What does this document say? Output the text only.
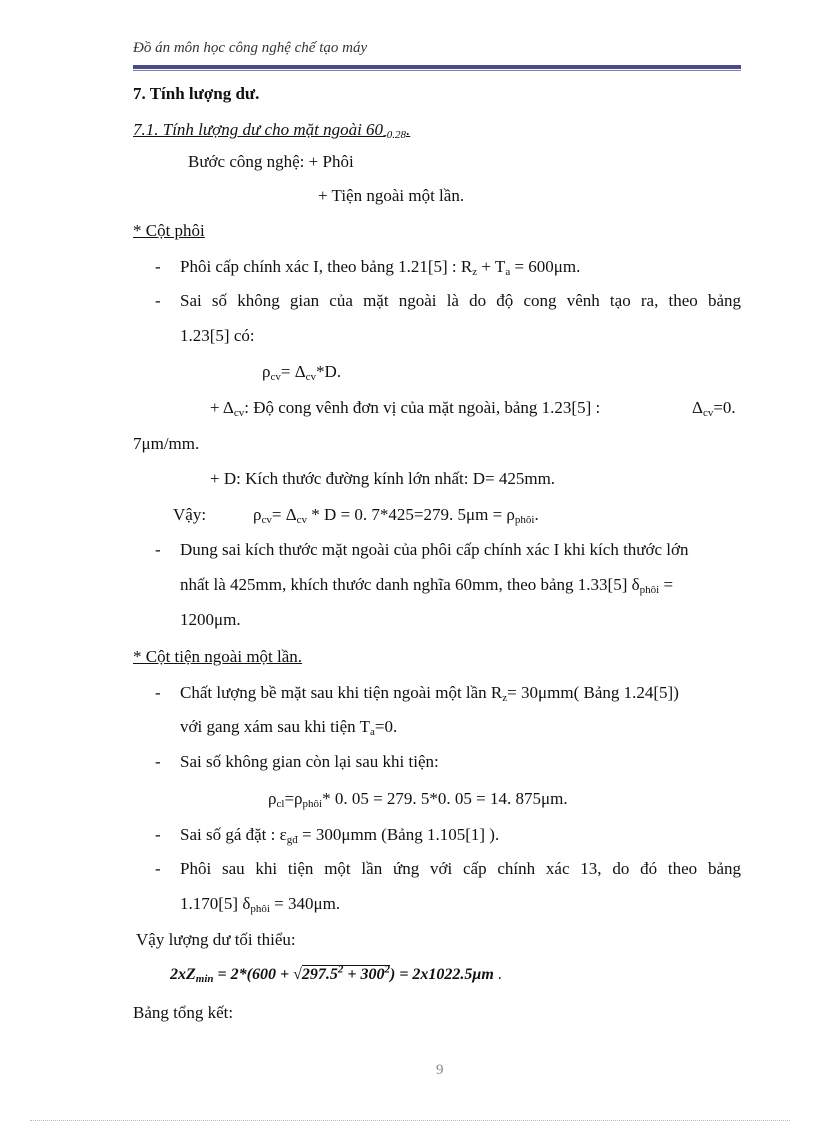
Đồ án môn học công nghệ chế tạo máy
7. Tính lượng dư.
7.1. Tính lượng dư cho mặt ngoài $60_{-0.28}$.
Bước công nghệ: + Phôi
+ Tiện ngoài một lần.
* Cột phôi
- Phôi cấp chính xác I, theo bảng 1.21[5] : $R_z + T_a = 600\mu m$.
- Sai số không gian của mặt ngoài là do độ cong vênh tạo ra, theo bảng
1.23[5] có:
$\rho_{cv}= \Delta_{cv}*D$.
+ $\Delta_{cv}$: Độ cong vênh đơn vị của mặt ngoài, bảng 1.23[5] :	$\Delta_{cv}=0$.
7μm/mm.
+ D: Kích thước đường kính lớn nhất: D= 425mm.
Vậy:	$\rho_{cv}= \Delta_{cv} * D = 0$. 7*425=279. $5\mu m = \rho_{phôi}$.
- Dung sai kích thước mặt ngoài của phôi cấp chính xác I khi kích thước lớn
nhất là 425mm, khích thước danh nghĩa 60mm, theo bảng 1.33[5] $\delta_{phôi}$ =
1200μm.
* Cột tiện ngoài một lần.
- Chất lượng bề mặt sau khi tiện ngoài một lần $R_z= 30\mu mm$( Bảng 1.24[5])
với gang xám sau khi tiện $T_a=0$.
- Sai số không gian còn lại sau khi tiện:
$\rho_{cl}=\rho_{phôi}*$ 0. 05 = 279. 5*0. 05 = 14. 875μm.
- Sai số gá đặt : $\varepsilon_{gđ} = 300\mu mm$ (Bảng 1.105[1] ).
- Phôi sau khi tiện một lần ứng với cấp chính xác 13, do đó theo bảng
1.170[5] $\delta_{phôi} = 340\mu m$.
Vậy lượng dư tối thiểu:
$2xZ_{min} = 2*(600 + √297.5^2 + 300^2) = 2x1022.5\mu m$ .
Bảng tổng kết:
9
